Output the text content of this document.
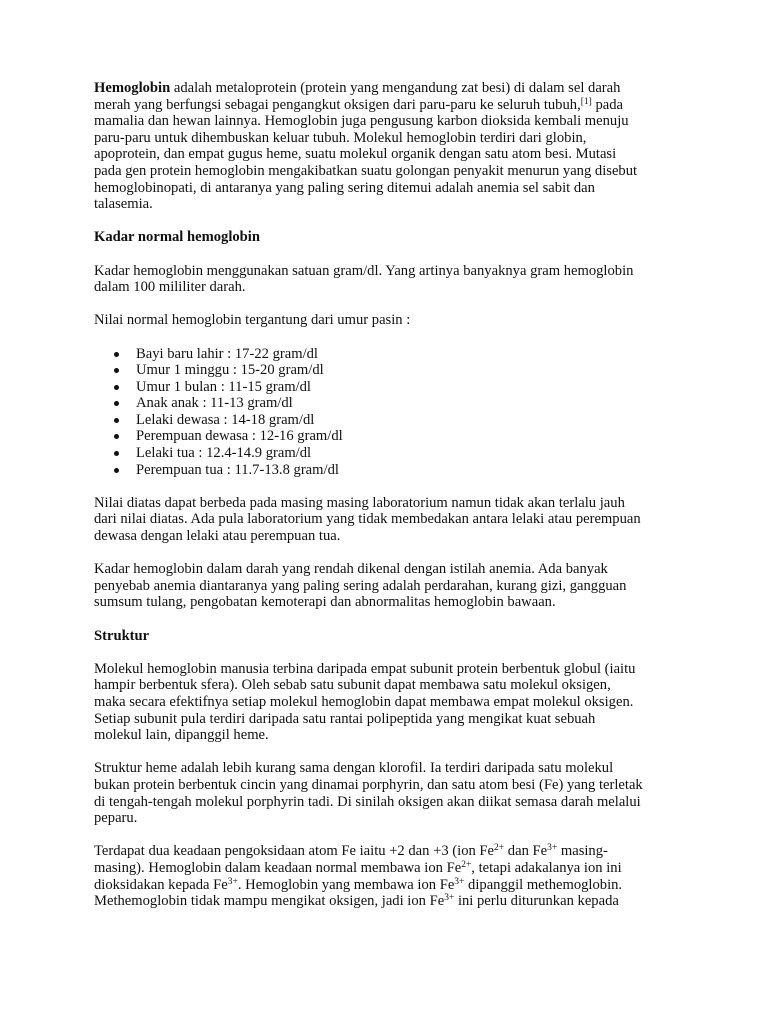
Hemoglobin adalah metaloprotein (protein yang mengandung zat besi) di dalam sel darah
merah yang berfungsi sebagai pengangkut oksigen dari paru-paru ke seluruh tubuh,[1] pada
mamalia dan hewan lainnya. Hemoglobin juga pengusung karbon dioksida kembali menuju
paru-paru untuk dihembuskan keluar tubuh. Molekul hemoglobin terdiri dari globin,
apoprotein, dan empat gugus heme, suatu molekul organik dengan satu atom besi. Mutasi
pada gen protein hemoglobin mengakibatkan suatu golongan penyakit menurun yang disebut
hemoglobinopati, di antaranya yang paling sering ditemui adalah anemia sel sabit dan
talasemia.

Kadar normal hemoglobin

Kadar hemoglobin menggunakan satuan gram/dl. Yang artinya banyaknya gram hemoglobin
dalam 100 mililiter darah.

Nilai normal hemoglobin tergantung dari umur pasin :

Bayi baru lahir : 17-22 gram/dl
Umur 1 minggu : 15-20 gram/dl
Umur 1 bulan : 11-15 gram/dl
Anak anak : 11-13 gram/dl
Lelaki dewasa : 14-18 gram/dl
Perempuan dewasa : 12-16 gram/dl
Lelaki tua : 12.4-14.9 gram/dl
Perempuan tua : 11.7-13.8 gram/dl

Nilai diatas dapat berbeda pada masing masing laboratorium namun tidak akan terlalu jauh
dari nilai diatas. Ada pula laboratorium yang tidak membedakan antara lelaki atau perempuan
dewasa dengan lelaki atau perempuan tua.

Kadar hemoglobin dalam darah yang rendah dikenal dengan istilah anemia. Ada banyak
penyebab anemia diantaranya yang paling sering adalah perdarahan, kurang gizi, gangguan
sumsum tulang, pengobatan kemoterapi dan abnormalitas hemoglobin bawaan.

Struktur

Molekul hemoglobin manusia terbina daripada empat subunit protein berbentuk globul (iaitu
hampir berbentuk sfera). Oleh sebab satu subunit dapat membawa satu molekul oksigen,
maka secara efektifnya setiap molekul hemoglobin dapat membawa empat molekul oksigen.
Setiap subunit pula terdiri daripada satu rantai polipeptida yang mengikat kuat sebuah
molekul lain, dipanggil heme.

Struktur heme adalah lebih kurang sama dengan klorofil. Ia terdiri daripada satu molekul
bukan protein berbentuk cincin yang dinamai porphyrin, dan satu atom besi (Fe) yang terletak
di tengah-tengah molekul porphyrin tadi. Di sinilah oksigen akan diikat semasa darah melalui
peparu.

Terdapat dua keadaan pengoksidaan atom Fe iaitu +2 dan +3 (ion $Fe^{2+}$ dan $Fe^{3+}$ masing-
masing). Hemoglobin dalam keadaan normal membawa ion $Fe^{2+}$, tetapi adakalanya ion ini
dioksidakan kepada $Fe^{3+}$. Hemoglobin yang membawa ion $Fe^{3+}$ dipanggil methemoglobin.
Methemoglobin tidak mampu mengikat oksigen, jadi ion $Fe^{3+}$ ini perlu diturunkan kepada
